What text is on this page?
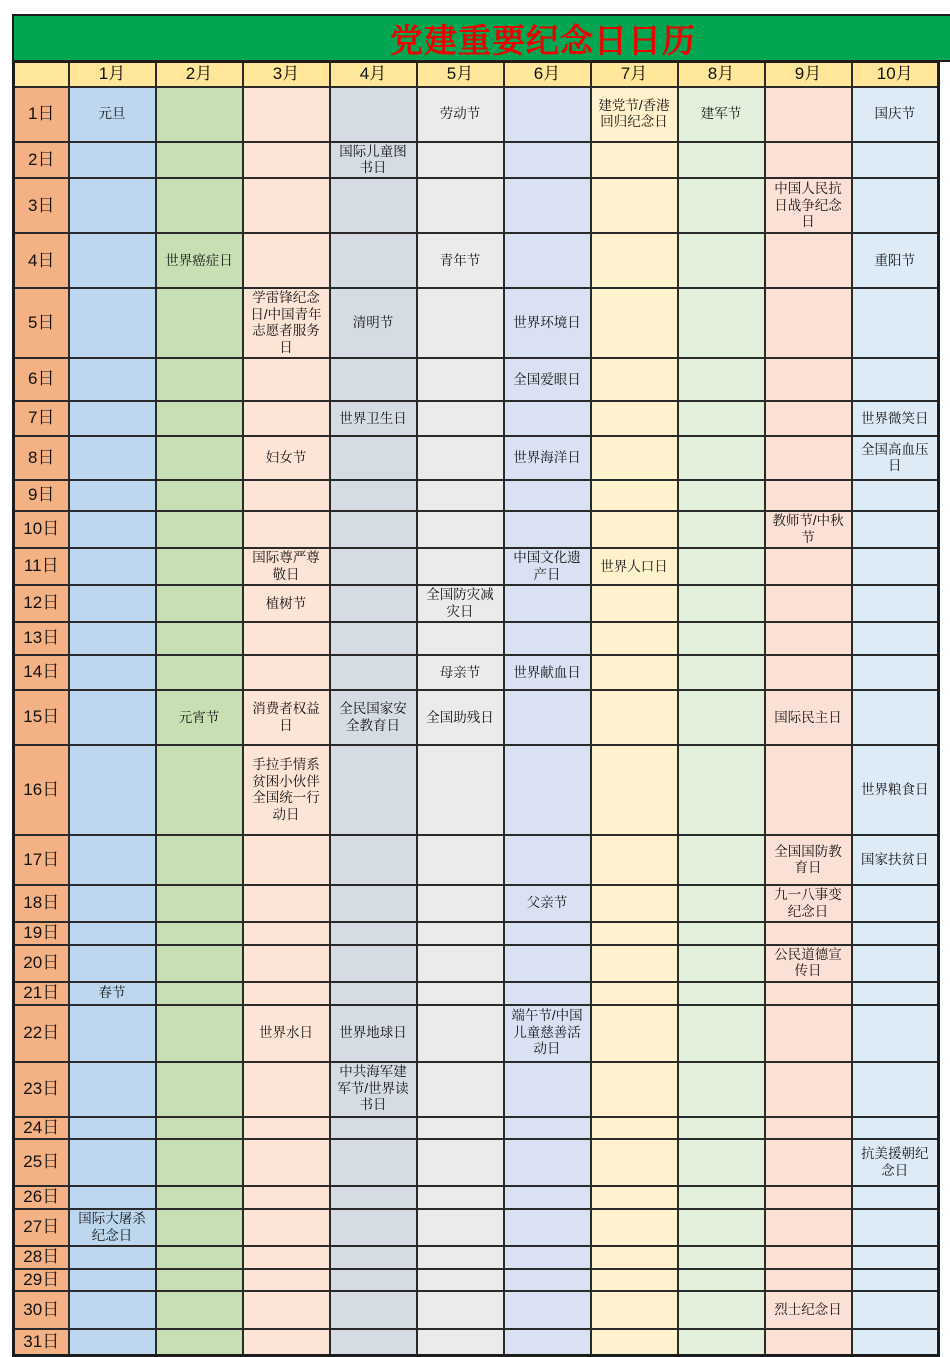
党建重要纪念日日历
	1月	2月	3月	4月	5月	6月	7月	8月	9月	10月
1日	元旦				劳动节		建党节/香港回归纪念日	建军节		国庆节
2日				国际儿童图书日						
3日									中国人民抗日战争纪念日	
4日		世界癌症日			青年节					重阳节
5日			学雷锋纪念日/中国青年志愿者服务日	清明节		世界环境日				
6日						全国爱眼日				
7日				世界卫生日						世界微笑日
8日			妇女节			世界海洋日				全国高血压日
9日										
10日									教师节/中秋节	
11日			国际尊严尊敬日			中国文化遗产日	世界人口日			
12日			植树节		全国防灾减灾日					
13日										
14日					母亲节	世界献血日				
15日		元宵节	消费者权益日	全民国家安全教育日	全国助残日				国际民主日	
16日			手拉手情系贫困小伙伴全国统一行动日							世界粮食日
17日									全国国防教育日	国家扶贫日
18日						父亲节			九一八事变纪念日	
19日										
20日									公民道德宣传日	
21日	春节									
22日			世界水日	世界地球日		端午节/中国儿童慈善活动日				
23日				中共海军建军节/世界读书日						
24日										
25日										抗美援朝纪念日
26日										
27日	国际大屠杀纪念日									
28日										
29日										
30日									烈士纪念日	
31日										
